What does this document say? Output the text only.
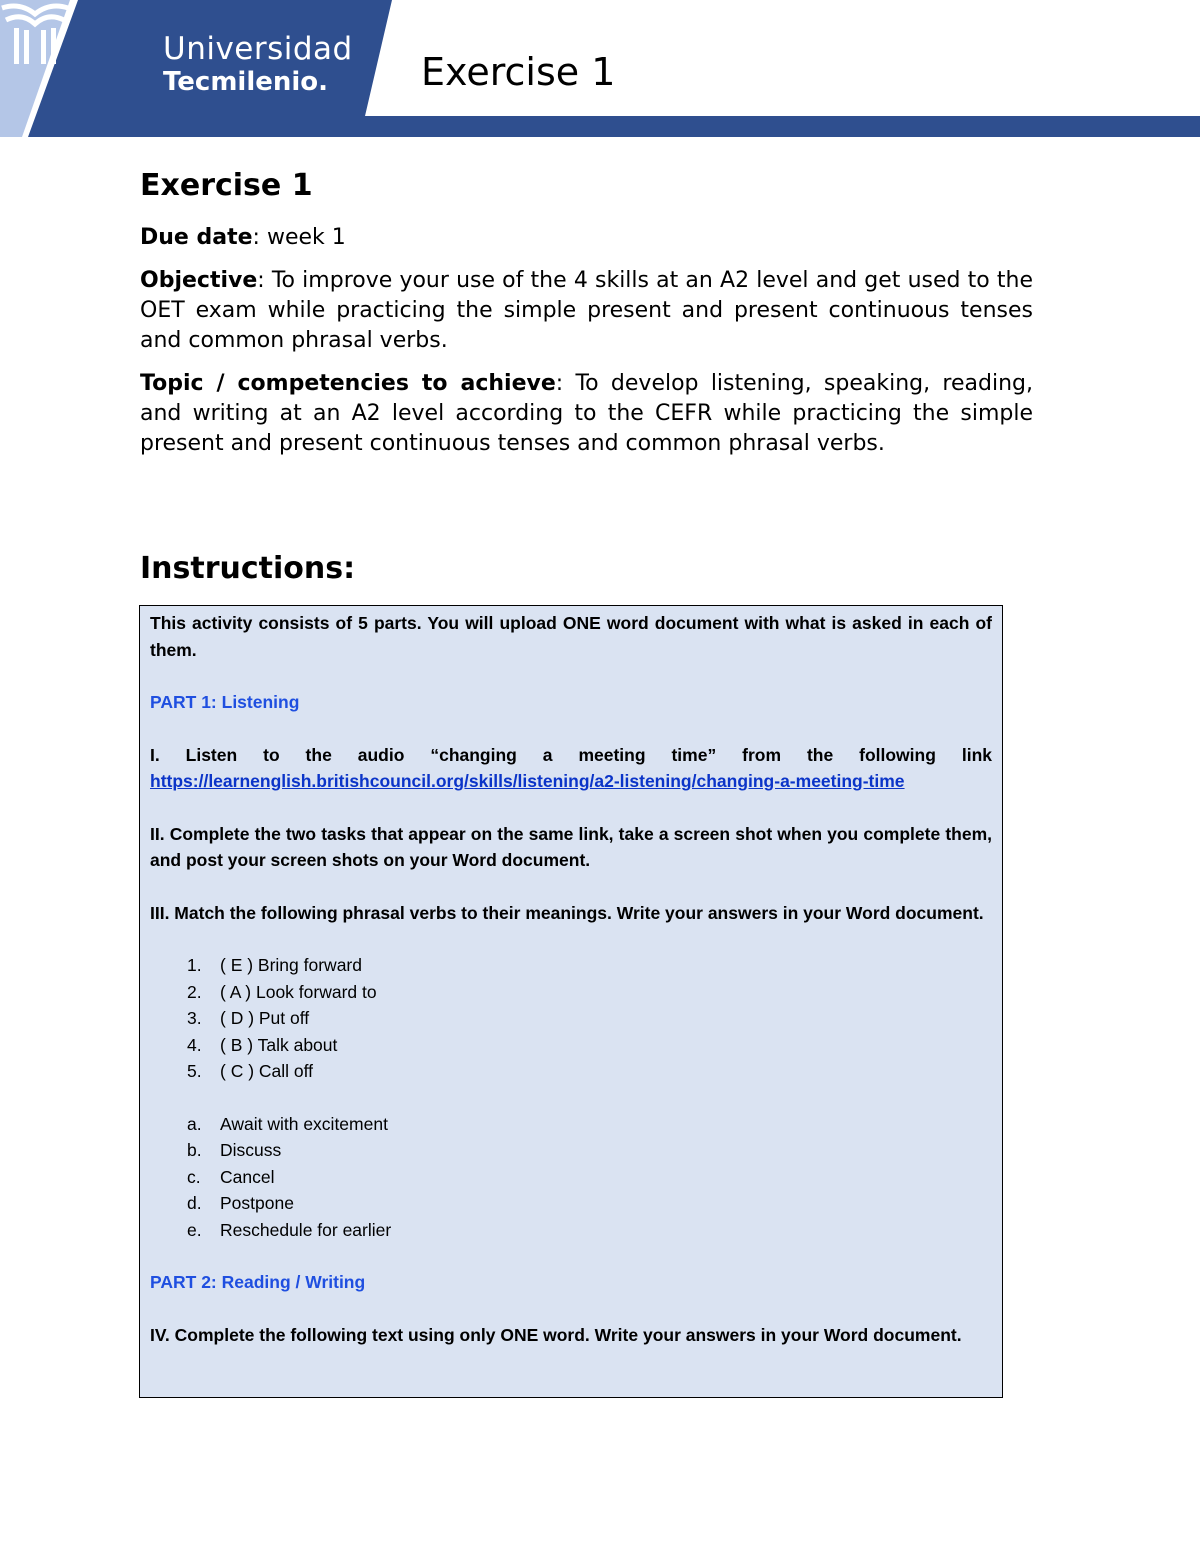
Universidad
Tecmilenio.	Exercise 1
Exercise 1

Due date: week 1

Objective: To improve your use of the 4 skills at an A2 level and get used to the OET exam while practicing the simple present and present continuous tenses and common phrasal verbs.

Topic / competencies to achieve: To develop listening, speaking, reading, and writing at an A2 level according to the CEFR while practicing the simple present and present continuous tenses and common phrasal verbs.

Instructions:
This activity consists of 5 parts. You will upload ONE word document with what is asked in each of them.
PART 1: Listening
I. Listen to the audio “changing a meeting time” from the following link https://learnenglish.britishcouncil.org/skills/listening/a2-listening/changing-a-meeting-time
II. Complete the two tasks that appear on the same link, take a screen shot when you complete them, and post your screen shots on your Word document.
III. Match the following phrasal verbs to their meanings. Write your answers in your Word document.
1.	( E ) Bring forward
2.	( A ) Look forward to
3.	( D ) Put off
4.	( B ) Talk about
5.	( C ) Call off
a.	Await with excitement
b.	Discuss
c.	Cancel
d.	Postpone
e.	Reschedule for earlier
PART 2: Reading / Writing
IV. Complete the following text using only ONE word. Write your answers in your Word document.
